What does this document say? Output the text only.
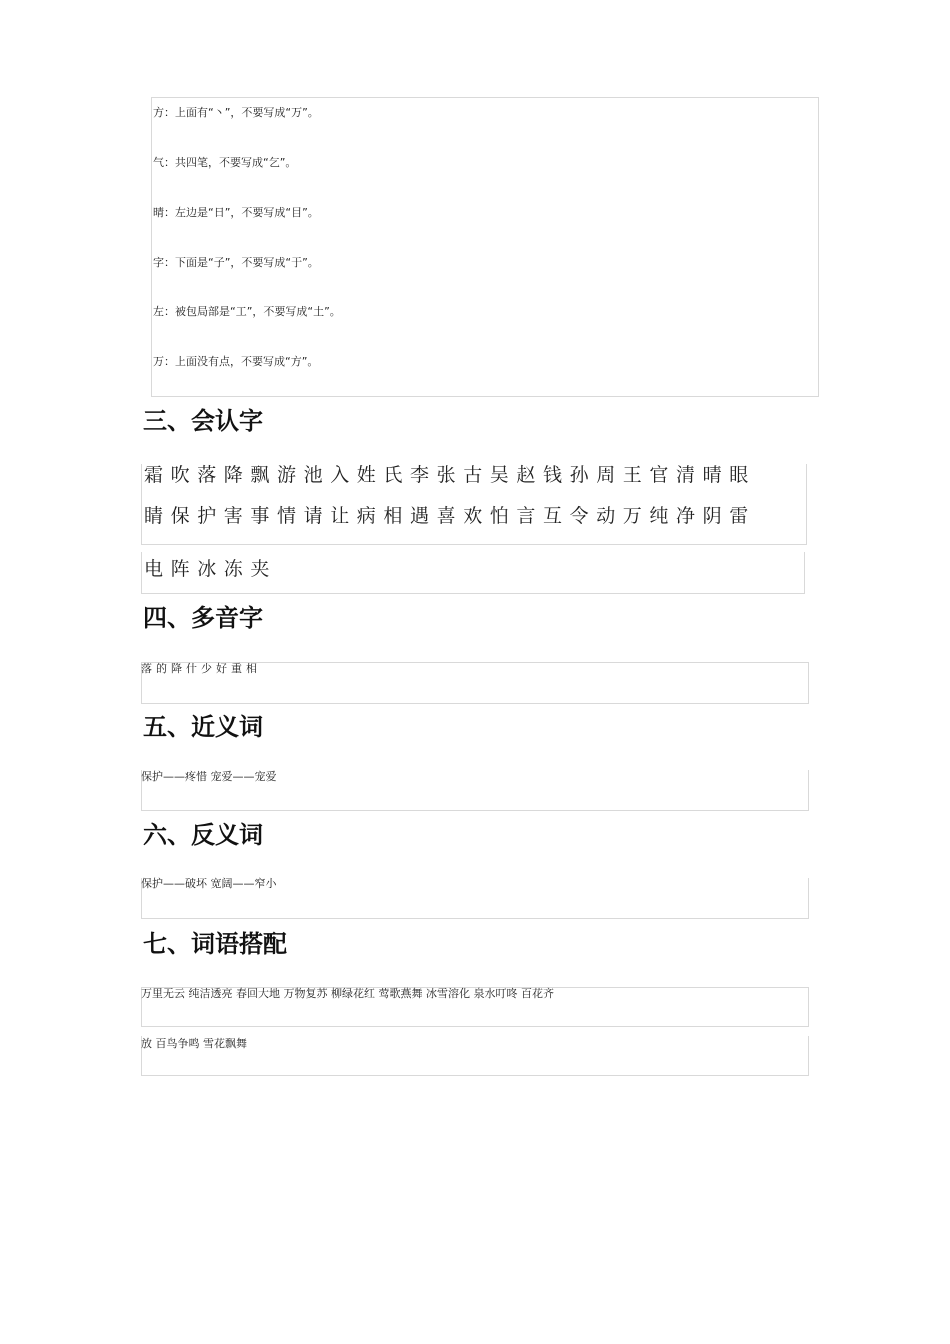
方：上面有“丶”，不要写成“万”。
气：共四笔，不要写成“乞”。
晴：左边是“日”，不要写成“目”。
字：下面是“子”，不要写成“于”。
左：被包局部是“工”，不要写成“土”。
万：上面没有点，不要写成“方”。
三、会认字
霜吹落降飘游池入姓氏李张古吴赵钱孙周王官清晴眼
睛保护害事情请让病相遇喜欢怕言互令动万纯净阴雷
电阵冰冻夹
四、多音字
落的降什少好重相
五、近义词
保护——疼惜 宠爱——宠爱
六、反义词
保护——破坏 宽阔——窄小
七、词语搭配
万里无云 纯洁透亮 春回大地 万物复苏 柳绿花红 莺歌燕舞 冰雪溶化 泉水叮咚 百花齐
放 百鸟争鸣 雪花飘舞
